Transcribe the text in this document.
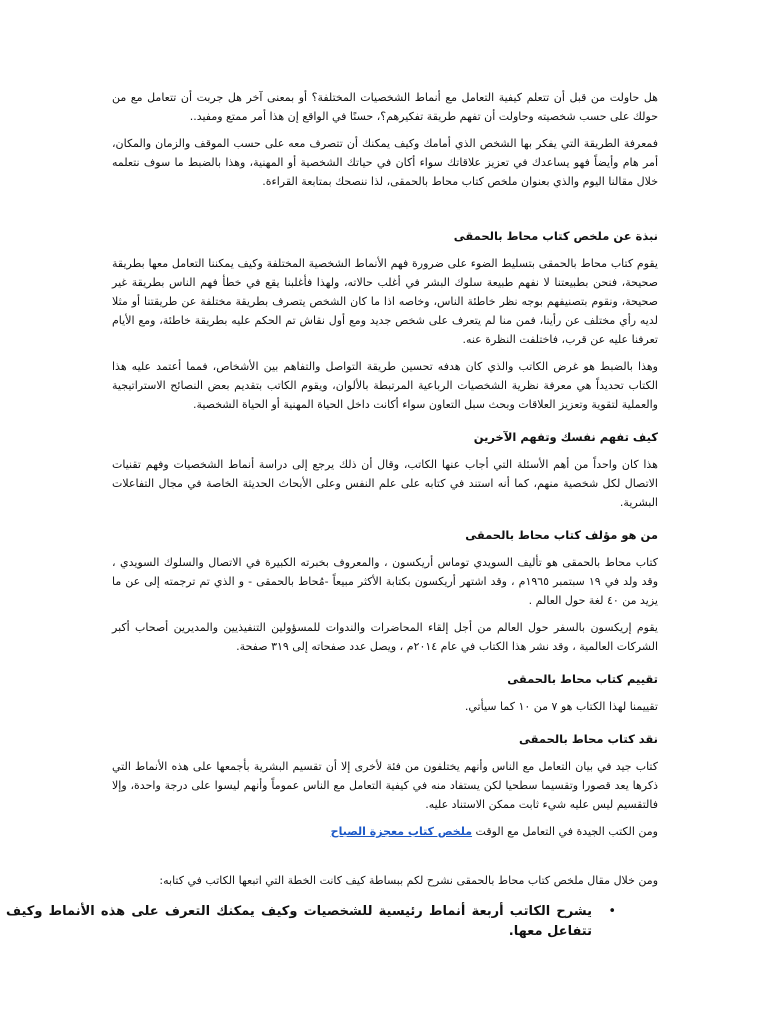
هل حاولت من قبل أن تتعلم كيفية التعامل مع أنماط الشخصيات المختلفة؟ أو بمعنى آخر هل جربت أن تتعامل مع من حولك على حسب شخصيته وحاولت أن تفهم طريقة تفكيرهم؟، حسنًا في الواقع إن هذا أمر ممتع ومفيد..

فمعرفة الطريقة التي يفكر بها الشخص الذي أمامك وكيف يمكنك أن تتصرف معه على حسب الموقف والزمان والمكان، أمر هام وأيضاً فهو يساعدك في تعزيز علاقاتك سواء أكان في حياتك الشخصية أو المهنية، وهذا بالضبط ما سوف نتعلمه خلال مقالنا اليوم والذي بعنوان ملخص كتاب محاط بالحمقى، لذا ننصحك بمتابعة القراءة.

نبذة عن ملخص كتاب محاط بالحمقى

يقوم كتاب محاط بالحمقى بتسليط الضوء على ضرورة فهم الأنماط الشخصية المختلفة وكيف يمكننا التعامل معها بطريقة صحيحة، فنحن بطبيعتنا لا نفهم طبيعة سلوك البشر في أغلب حالاته، ولهذا فأغلبنا يقع في خطأ فهم الناس بطريقة غير صحيحة، ونقوم بتصنيفهم بوجه نظر خاطئة الناس، وخاصه اذا ما كان الشخص يتصرف بطريقة مختلفة عن طريقتنا أو مثلا لديه رأي مختلف عن رأينا، فمن منا لم يتعرف على شخص جديد ومع أول نقاش تم الحكم عليه بطريقة خاطئة، ومع الأيام تعرفنا عليه عن قرب، فاختلفت النظرة عنه.

وهذا بالضبط هو غرض الكاتب والذي كان هدفه تحسين طريقة التواصل والتفاهم بين الأشخاص، فمما أعتمد عليه هذا الكتاب تحديداً هي معرفة نظرية الشخصيات الرباعية المرتبطة بالألوان، ويقوم الكاتب بتقديم بعض النصائح الاستراتيجية والعملية لتقوية وتعزيز العلاقات وبحث سبل التعاون سواء أكانت داخل الحياة المهنية أو الحياة الشخصية.

كيف تفهم نفسك وتفهم الآخرين

هذا كان واحداً من أهم الأسئلة التي أجاب عنها الكاتب، وقال أن ذلك يرجع إلى دراسة أنماط الشخصيات وفهم تقنيات الاتصال لكل شخصية منهم، كما أنه استند في كتابه على علم النفس وعلى الأبحاث الحديثة الخاصة في مجال التفاعلات البشرية.

من هو مؤلف كتاب محاط بالحمقى

كتاب محاط بالحمقى هو تأليف السويدي توماس أريكسون ، والمعروف بخبرته الكبيرة في الاتصال والسلوك السويدي ، وقد ولد في ١٩ سبتمبر ١٩٦٥م ، وقد اشتهر أريكسون بكتابة الأكثر مبيعاً -مُحاط بالحمقى - و الذي تم ترجمته إلى عن ما يزيد من ٤٠ لغة حول العالم .

يقوم إريكسون بالسفر حول العالم من أجل إلقاء المحاضرات والندوات للمسؤولين التنفيذيين والمديرين أصحاب أكبر الشركات العالمية ، وقد نشر هذا الكتاب في عام ٢٠١٤م ، ويصل عدد صفحاته إلى ٣١٩ صفحة.

تقييم كتاب محاط بالحمقى

تقييمنا لهذا الكتاب هو ٧ من ١٠ كما سيأتي.

نقد كتاب محاط بالحمقى

كتاب جيد في بيان التعامل مع الناس وأنهم يختلفون من فئة لأخرى إلا أن تقسيم البشرية بأجمعها على هذه الأنماط التي ذكرها يعد قصورا وتقسيما سطحيا لكن يستفاد منه في كيفية التعامل مع الناس عموماً وأنهم ليسوا على درجة واحدة، وإلا فالتقسيم ليس عليه شيء ثابت ممكن الاستناد عليه.

ومن الكتب الجيدة في التعامل مع الوقت ملخص كتاب معجزة الصباح

ومن خلال مقال ملخص كتاب محاط بالحمقى نشرح لكم ببساطة كيف كانت الخطة التي اتبعها الكاتب في كتابه:

•

يشرح الكاتب أربعة أنماط رئيسية للشخصيات وكيف يمكنك التعرف على هذه الأنماط وكيف تتفاعل معها.
